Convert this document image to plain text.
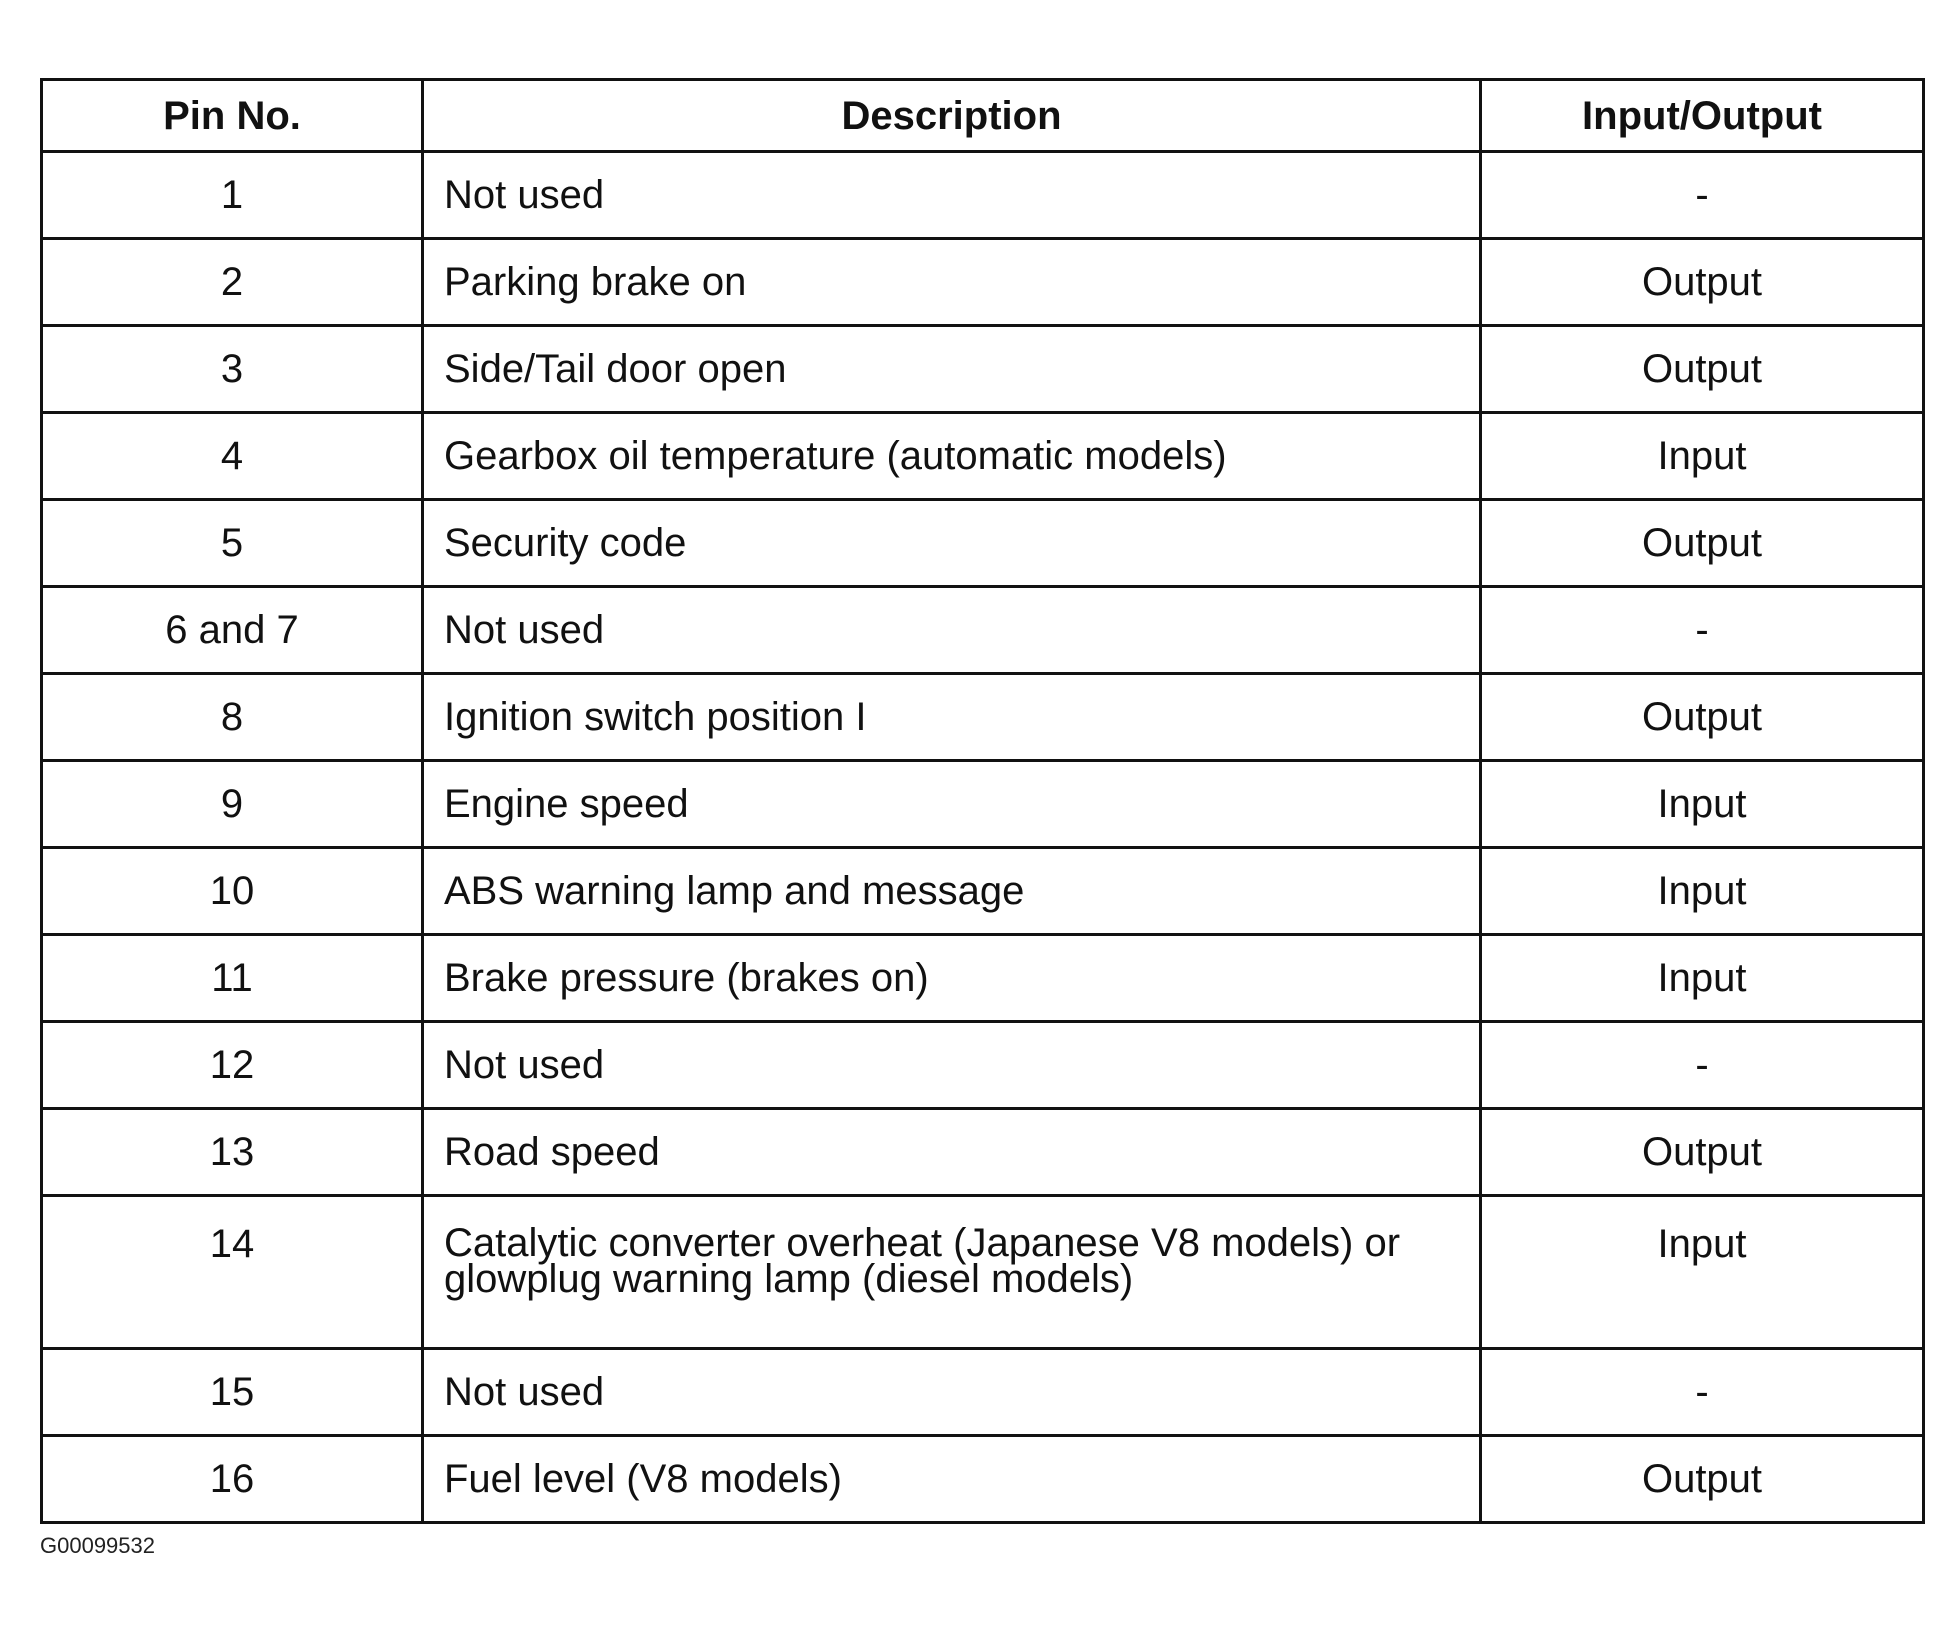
Pin No.	Description	Input/Output
1	Not used	-
2	Parking brake on	Output
3	Side/Tail door open	Output
4	Gearbox oil temperature (automatic models)	Input
5	Security code	Output
6 and 7	Not used	-
8	Ignition switch position I	Output
9	Engine speed	Input
10	ABS warning lamp and message	Input
11	Brake pressure (brakes on)	Input
12	Not used	-
13	Road speed	Output
14	Catalytic converter overheat (Japanese V8 models) or glowplug warning lamp (diesel models)	Input
15	Not used	-
16	Fuel level (V8 models)	Output
G00099532
